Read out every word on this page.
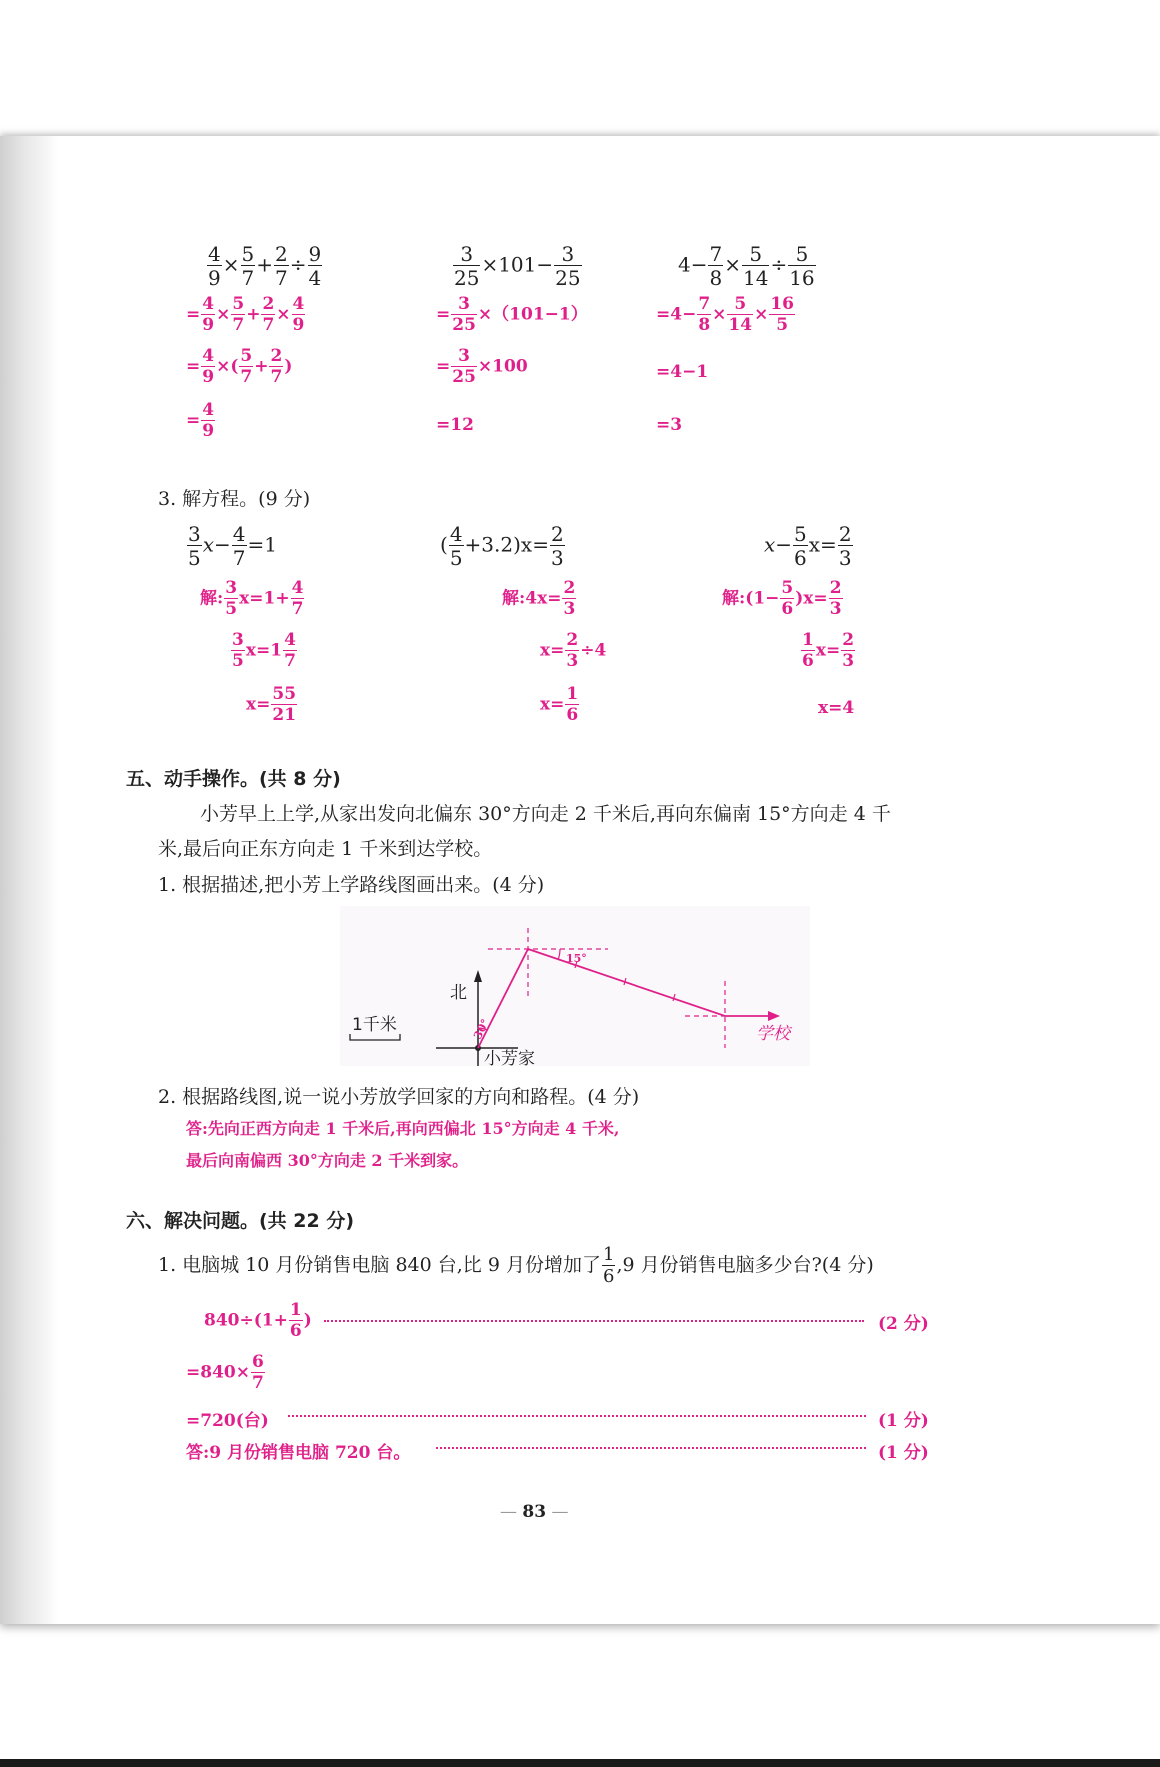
$\frac{4}{9} \times \frac{5}{7} + \frac{2}{7} \div \frac{9}{4}$
= $\frac{4}{9} \times \frac{5}{7} + \frac{2}{7} \times \frac{4}{9}$
= $\frac{4}{9}$ ×( $\frac{5}{7} + \frac{2}{7}$ )
= $\frac{4}{9}$
$\frac{3}{25} \times 101- \frac{3}{25}$
= $\frac{3}{25} \times(101-1)$
= $\frac{3}{25} \times 100$
=12
$4- \frac{7}{8} \times \frac{5}{14} \div \frac{5}{16}$
$=4- \frac{7}{8} \times \frac{5}{14} \times \frac{16}{5}$
=4−1
=3
3. 解方程。(9 分)
$\frac{3}{5} x- \frac{4}{7} =1$
解: $\frac{3}{5} x=1+ \frac{4}{7}$
$\frac{3}{5} x=1 \frac{4}{7}$
$x= \frac{55}{21}$
( $\frac{4}{5} +3.2)x= \frac{2}{3}$
解:4x= $\frac{2}{3}$
$x= \frac{2}{3} \div 4$
$x= \frac{1}{6}$
$x- \frac{5}{6} x= \frac{2}{3}$
解:(1− $\frac{5}{6} )x= \frac{2}{3}$
$\frac{1}{6} x= \frac{2}{3}$
x=4
五、动手操作。(共 8 分)
小芳早上上学,从家出发向北偏东 30°方向走 2 千米后,再向东偏南 15°方向走 4 千
米,最后向正东方向走 1 千米到达学校。
1. 根据描述,把小芳上学路线图画出来。(4 分)
30°
15°
北
小芳家
学校
1千米
2. 根据路线图,说一说小芳放学回家的方向和路程。(4 分)
答:先向正西方向走 1 千米后,再向西偏北 15°方向走 4 千米,
最后向南偏西 30°方向走 2 千米到家。
六、解决问题。(共 22 分)
1. 电脑城 10 月份销售电脑 840 台,比 9 月份增加了 $\frac{1}{6} ,9$ 月份销售电脑多少台?(4 分)
$840\div(1+ \frac{1}{6}$ )	(2 分)
$=840\times \frac{6}{7}$
=720(台)	(1 分)
答:9 月份销售电脑 720 台。	(1 分)
— 83 —
